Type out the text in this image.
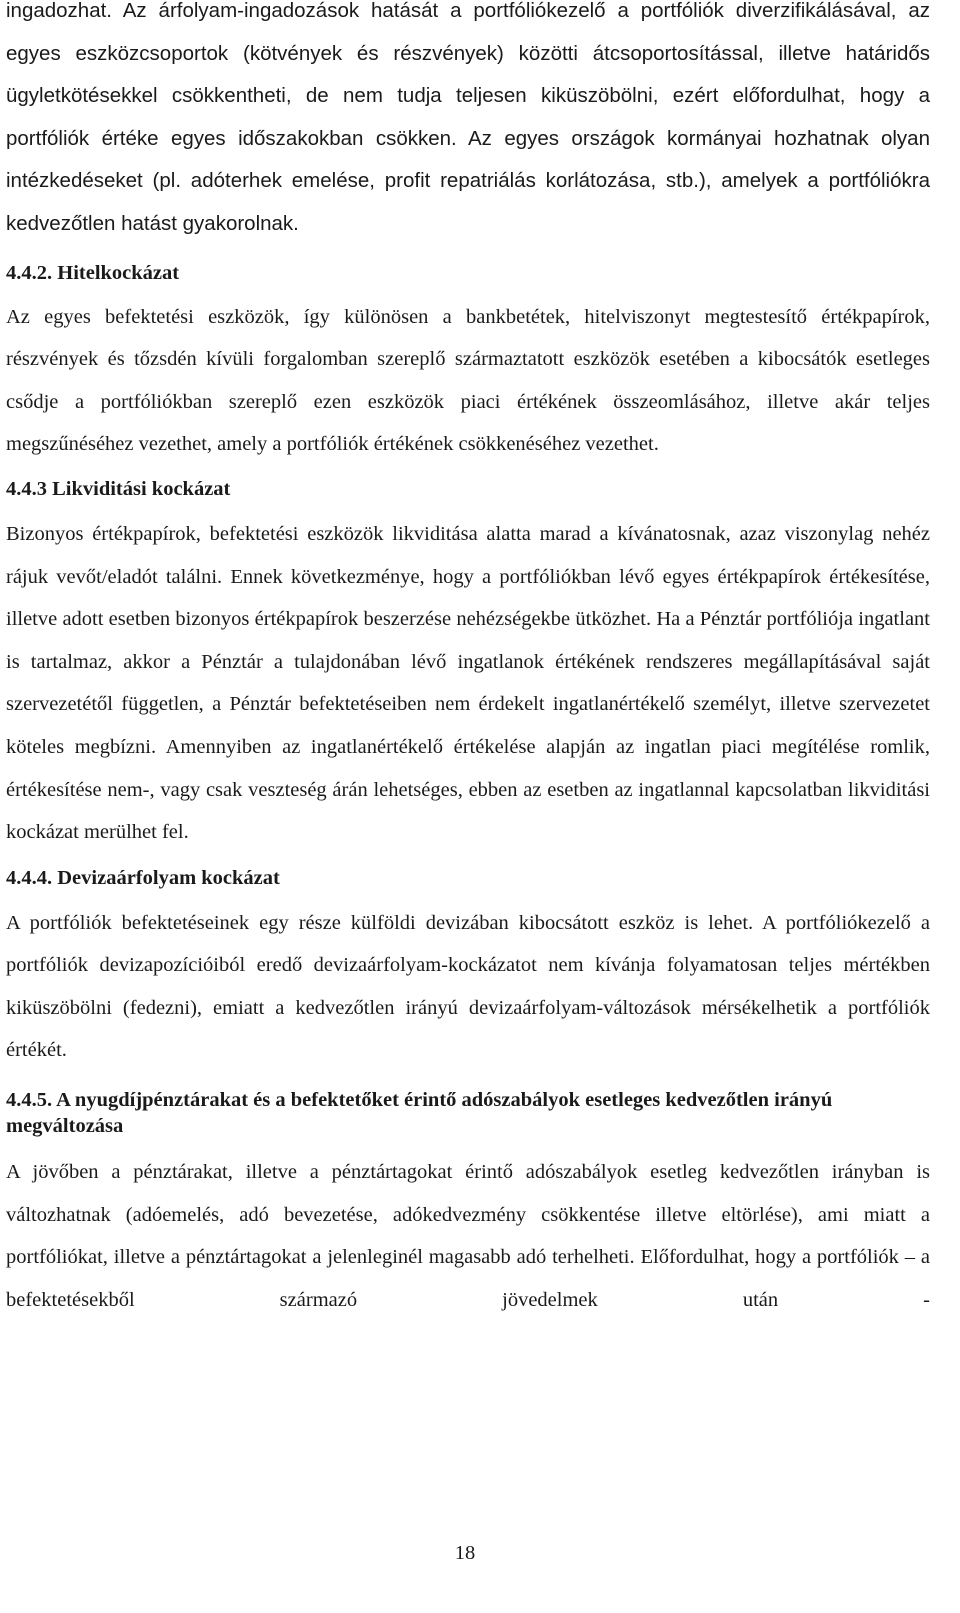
ingadozhat. Az árfolyam-ingadozások hatását a portfóliókezelő a portfóliók diverzifikálásával, az egyes eszközcsoportok (kötvények és részvények) közötti átcsoportosítással, illetve határidős ügyletkötésekkel csökkentheti, de nem tudja teljesen kiküszöbölni, ezért előfordulhat, hogy a portfóliók értéke egyes időszakokban csökken. Az egyes országok kormányai hozhatnak olyan intézkedéseket (pl. adóterhek emelése, profit repatriálás korlátozása, stb.), amelyek a portfóliókra kedvezőtlen hatást gyakorolnak.

4.4.2. Hitelkockázat

Az egyes befektetési eszközök, így különösen a bankbetétek, hitelviszonyt megtestesítő értékpapírok, részvények és tőzsdén kívüli forgalomban szereplő származtatott eszközök esetében a kibocsátók esetleges csődje a portfóliókban szereplő ezen eszközök piaci értékének összeomlásához, illetve akár teljes megszűnéséhez vezethet, amely a portfóliók értékének csökkenéséhez vezethet.

4.4.3 Likviditási kockázat

Bizonyos értékpapírok, befektetési eszközök likviditása alatta marad a kívánatosnak, azaz viszonylag nehéz rájuk vevőt/eladót találni. Ennek következménye, hogy a portfóliókban lévő egyes értékpapírok értékesítése, illetve adott esetben bizonyos értékpapírok beszerzése nehézségekbe ütközhet. Ha a Pénztár portfóliója ingatlant is tartalmaz, akkor a Pénztár a tulajdonában lévő ingatlanok értékének rendszeres megállapításával saját szervezetétől független, a Pénztár befektetéseiben nem érdekelt ingatlanértékelő személyt, illetve szervezetet köteles megbízni. Amennyiben az ingatlanértékelő értékelése alapján az ingatlan piaci megítélése romlik, értékesítése nem-, vagy csak veszteség árán lehetséges, ebben az esetben az ingatlannal kapcsolatban likviditási kockázat merülhet fel.

4.4.4. Devizaárfolyam kockázat

A portfóliók befektetéseinek egy része külföldi devizában kibocsátott eszköz is lehet. A portfóliókezelő a portfóliók devizapozícióiból eredő devizaárfolyam-kockázatot nem kívánja folyamatosan teljes mértékben kiküszöbölni (fedezni), emiatt a kedvezőtlen irányú devizaárfolyam-változások mérsékelhetik a portfóliók értékét.

4.4.5. A nyugdíjpénztárakat és a befektetőket érintő adószabályok esetleges kedvezőtlen irányú megváltozása

A jövőben a pénztárakat, illetve a pénztártagokat érintő adószabályok esetleg kedvezőtlen irányban is változhatnak (adóemelés, adó bevezetése, adókedvezmény csökkentése illetve eltörlése), ami miatt a portfóliókat, illetve a pénztártagokat a jelenleginél magasabb adó terhelheti. Előfordulhat, hogy a portfóliók – a befektetésekből származó jövedelmek után -

18
